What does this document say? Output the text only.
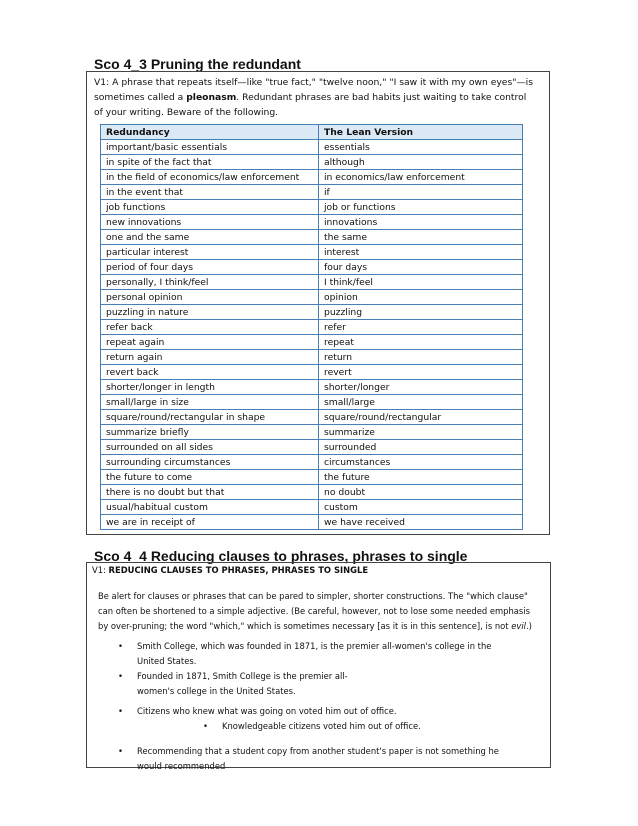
Sco 4_3 Pruning the redundant
V1: A phrase that repeats itself—like "true fact," "twelve noon," "I saw it with my own eyes"—is sometimes called a pleonasm. Redundant phrases are bad habits just waiting to take control of your writing. Beware of the following.
Redundancy	The Lean Version
important/basic essentials	essentials
in spite of the fact that	although
in the field of economics/law enforcement	in economics/law enforcement
in the event that	if
job functions	job or functions
new innovations	innovations
one and the same	the same
particular interest	interest
period of four days	four days
personally, I think/feel	I think/feel
personal opinion	opinion
puzzling in nature	puzzling
refer back	refer
repeat again	repeat
return again	return
revert back	revert
shorter/longer in length	shorter/longer
small/large in size	small/large
square/round/rectangular in shape	square/round/rectangular
summarize briefly	summarize
surrounded on all sides	surrounded
surrounding circumstances	circumstances
the future to come	the future
there is no doubt but that	no doubt
usual/habitual custom	custom
we are in receipt of	we have received
Sco 4_4 Reducing clauses to phrases, phrases to single
V1: REDUCING CLAUSES TO PHRASES, PHRASES TO SINGLE
Be alert for clauses or phrases that can be pared to simpler, shorter constructions. The "which clause" can often be shortened to a simple adjective. (Be careful, however, not to lose some needed emphasis by over-pruning; the word "which," which is sometimes necessary [as it is in this sentence], is not evil.)
• Smith College, which was founded in 1871, is the premier all-women's college in the United States.
• Founded in 1871, Smith College is the premier all-women's college in the United States.
• Citizens who knew what was going on voted him out of office.
• Knowledgeable citizens voted him out of office.
• Recommending that a student copy from another student's paper is not something he would recommended
